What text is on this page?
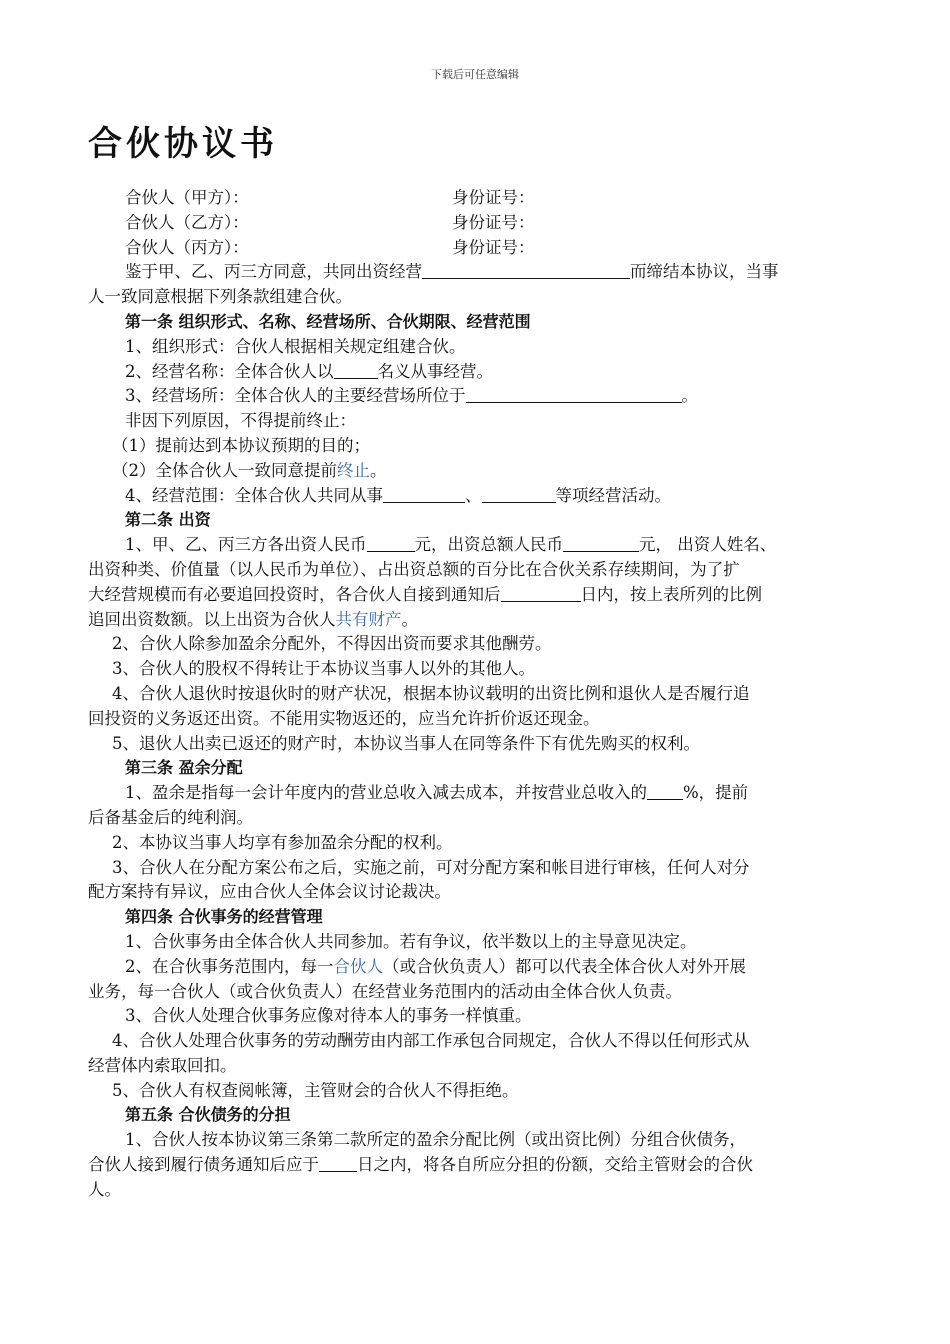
下载后可任意编辑
合伙协议书
合伙人（甲方）：	身份证号：
合伙人（乙方）：	身份证号：
合伙人（丙方）：	身份证号：
鉴于甲、乙、丙三方同意，共同出资经营	而缔结本协议，当事
人一致同意根据下列条款组建合伙。
第一条 组织形式、名称、经营场所、合伙期限、经营范围
1、组织形式：合伙人根据相关规定组建合伙。
2、经营名称：全体合伙人以	名义从事经营。
3、经营场所：全体合伙人的主要经营场所位于	。
非因下列原因，不得提前终止：
（1）提前达到本协议预期的目的；
（2）全体合伙人一致同意提前终止。
4、经营范围：全体合伙人共同从事	、	等项经营活动。
第二条 出资
1、甲、乙、丙三方各出资人民币	元，出资总额人民币	元， 出资人姓名、
出资种类、价值量（以人民币为单位）、占出资总额的百分比在合伙关系存续期间，为了扩
大经营规模而有必要追回投资时，各合伙人自接到通知后	日内，按上表所列的比例
追回出资数额。以上出资为合伙人共有财产。
2、合伙人除参加盈余分配外，不得因出资而要求其他酬劳。
3、合伙人的股权不得转让于本协议当事人以外的其他人。
4、合伙人退伙时按退伙时的财产状况，根据本协议载明的出资比例和退伙人是否履行追
回投资的义务返还出资。不能用实物返还的，应当允许折价返还现金。
5、退伙人出卖已返还的财产时，本协议当事人在同等条件下有优先购买的权利。
第三条 盈余分配
1、盈余是指每一会计年度内的营业总收入减去成本，并按营业总收入的 %，提前
后备基金后的纯利润。
2、本协议当事人均享有参加盈余分配的权利。
3、合伙人在分配方案公布之后，实施之前，可对分配方案和帐目进行审核，任何人对分
配方案持有异议，应由合伙人全体会议讨论裁决。
第四条 合伙事务的经营管理
1、合伙事务由全体合伙人共同参加。若有争议，依半数以上的主导意见决定。
2、在合伙事务范围内，每一合伙人（或合伙负责人）都可以代表全体合伙人对外开展
业务，每一合伙人（或合伙负责人）在经营业务范围内的活动由全体合伙人负责。
3、合伙人处理合伙事务应像对待本人的事务一样慎重。
4、合伙人处理合伙事务的劳动酬劳由内部工作承包合同规定，合伙人不得以任何形式从
经营体内索取回扣。
5、合伙人有权查阅帐簿，主管财会的合伙人不得拒绝。
第五条 合伙债务的分担
1、合伙人按本协议第三条第二款所定的盈余分配比例（或出资比例）分组合伙债务，
合伙人接到履行债务通知后应于 日之内，将各自所应分担的份额，交给主管财会的合伙
人。
